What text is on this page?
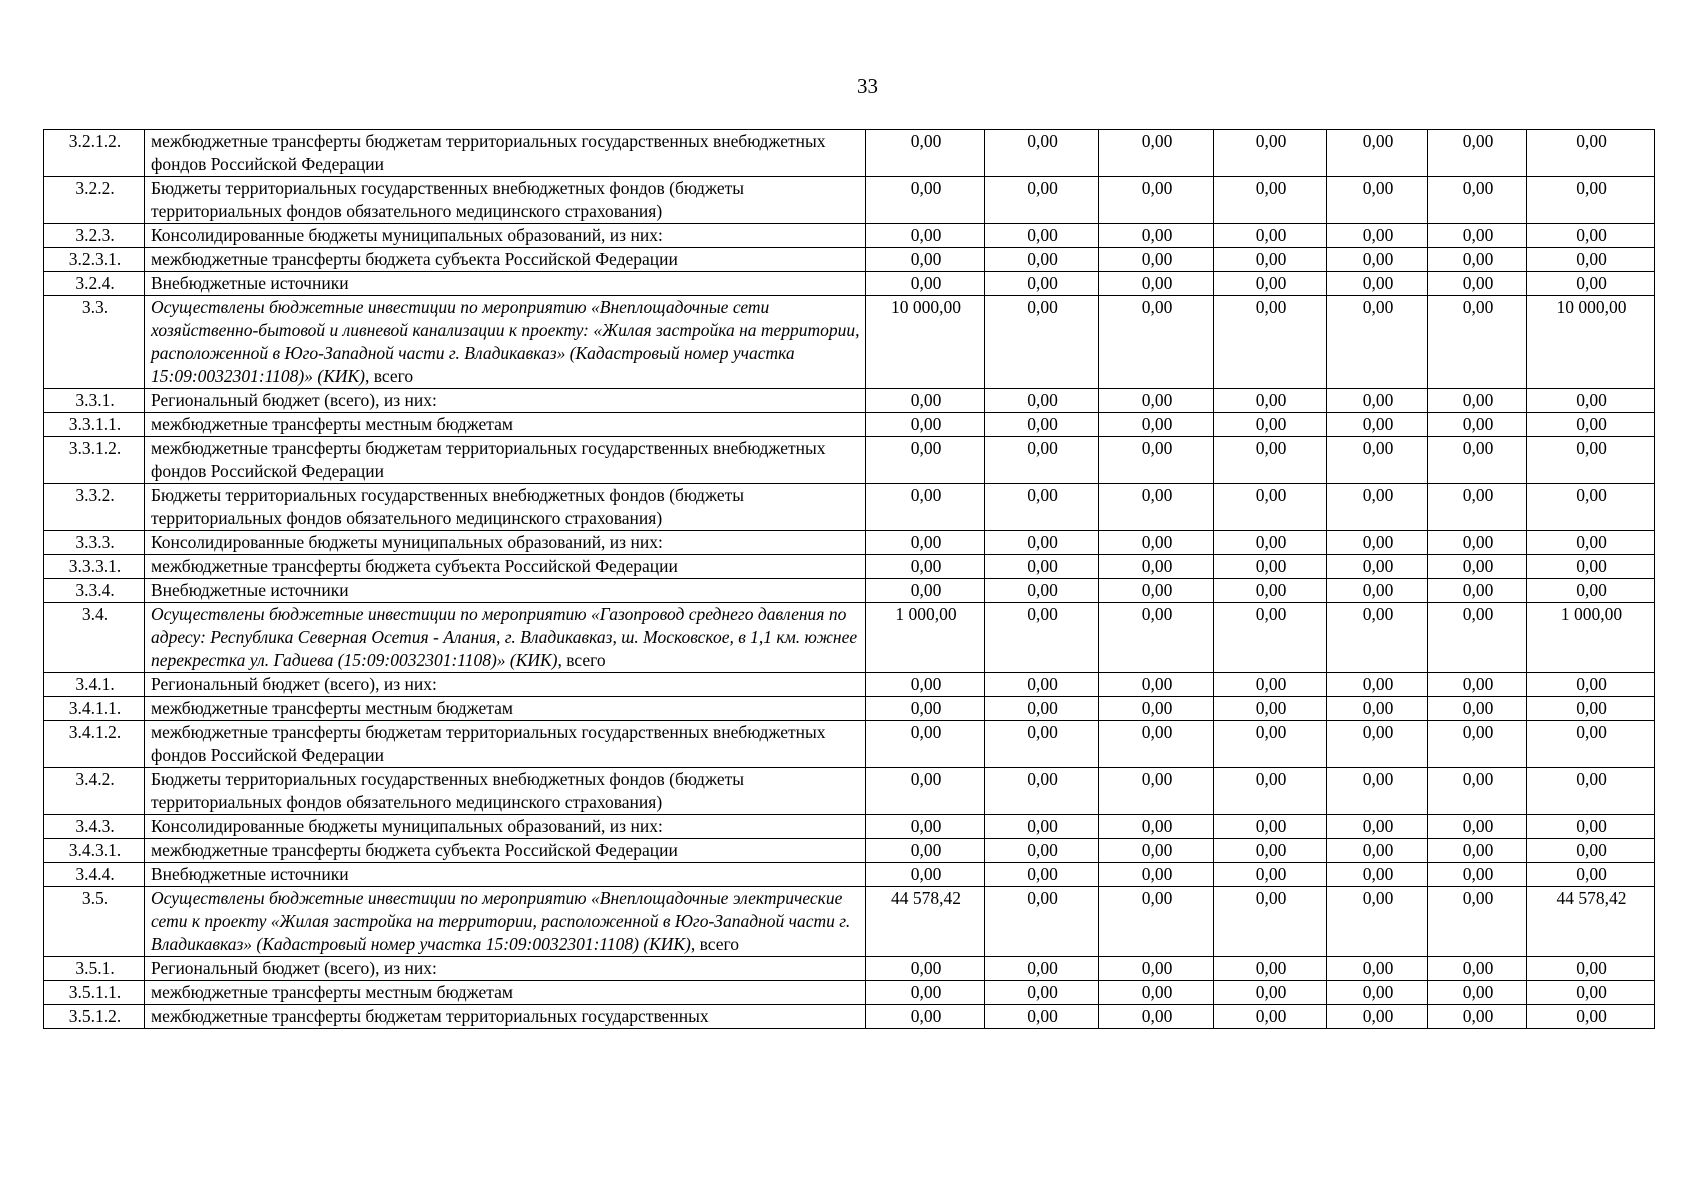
33
3.2.1.2.	межбюджетные трансферты бюджетам территориальных государственных внебюджетных фондов Российской Федерации	0,00	0,00	0,00	0,00	0,00	0,00	0,00
3.2.2.	Бюджеты территориальных государственных внебюджетных фондов (бюджеты территориальных фондов обязательного медицинского страхования)	0,00	0,00	0,00	0,00	0,00	0,00	0,00
3.2.3.	Консолидированные бюджеты муниципальных образований, из них:	0,00	0,00	0,00	0,00	0,00	0,00	0,00
3.2.3.1.	межбюджетные трансферты бюджета субъекта Российской Федерации	0,00	0,00	0,00	0,00	0,00	0,00	0,00
3.2.4.	Внебюджетные источники	0,00	0,00	0,00	0,00	0,00	0,00	0,00
3.3.	Осуществлены бюджетные инвестиции по мероприятию «Внеплощадочные сети хозяйственно-бытовой и ливневой канализации к проекту: «Жилая застройка на территории, расположенной в Юго-Западной части г. Владикавказ» (Кадастровый номер участка 15:09:0032301:1108)» (КИК), всего	10 000,00	0,00	0,00	0,00	0,00	0,00	10 000,00
3.3.1.	Региональный бюджет (всего), из них:	0,00	0,00	0,00	0,00	0,00	0,00	0,00
3.3.1.1.	межбюджетные трансферты местным бюджетам	0,00	0,00	0,00	0,00	0,00	0,00	0,00
3.3.1.2.	межбюджетные трансферты бюджетам территориальных государственных внебюджетных фондов Российской Федерации	0,00	0,00	0,00	0,00	0,00	0,00	0,00
3.3.2.	Бюджеты территориальных государственных внебюджетных фондов (бюджеты территориальных фондов обязательного медицинского страхования)	0,00	0,00	0,00	0,00	0,00	0,00	0,00
3.3.3.	Консолидированные бюджеты муниципальных образований, из них:	0,00	0,00	0,00	0,00	0,00	0,00	0,00
3.3.3.1.	межбюджетные трансферты бюджета субъекта Российской Федерации	0,00	0,00	0,00	0,00	0,00	0,00	0,00
3.3.4.	Внебюджетные источники	0,00	0,00	0,00	0,00	0,00	0,00	0,00
3.4.	Осуществлены бюджетные инвестиции по мероприятию «Газопровод среднего давления по адресу: Республика Северная Осетия - Алания, г. Владикавказ, ш. Московское, в 1,1 км. южнее перекрестка ул. Гадиева (15:09:0032301:1108)» (КИК), всего	1 000,00	0,00	0,00	0,00	0,00	0,00	1 000,00
3.4.1.	Региональный бюджет (всего), из них:	0,00	0,00	0,00	0,00	0,00	0,00	0,00
3.4.1.1.	межбюджетные трансферты местным бюджетам	0,00	0,00	0,00	0,00	0,00	0,00	0,00
3.4.1.2.	межбюджетные трансферты бюджетам территориальных государственных внебюджетных фондов Российской Федерации	0,00	0,00	0,00	0,00	0,00	0,00	0,00
3.4.2.	Бюджеты территориальных государственных внебюджетных фондов (бюджеты территориальных фондов обязательного медицинского страхования)	0,00	0,00	0,00	0,00	0,00	0,00	0,00
3.4.3.	Консолидированные бюджеты муниципальных образований, из них:	0,00	0,00	0,00	0,00	0,00	0,00	0,00
3.4.3.1.	межбюджетные трансферты бюджета субъекта Российской Федерации	0,00	0,00	0,00	0,00	0,00	0,00	0,00
3.4.4.	Внебюджетные источники	0,00	0,00	0,00	0,00	0,00	0,00	0,00
3.5.	Осуществлены бюджетные инвестиции по мероприятию «Внеплощадочные электрические сети к проекту «Жилая застройка на территории, расположенной в Юго-Западной части г. Владикавказ» (Кадастровый номер участка 15:09:0032301:1108) (КИК), всего	44 578,42	0,00	0,00	0,00	0,00	0,00	44 578,42
3.5.1.	Региональный бюджет (всего), из них:	0,00	0,00	0,00	0,00	0,00	0,00	0,00
3.5.1.1.	межбюджетные трансферты местным бюджетам	0,00	0,00	0,00	0,00	0,00	0,00	0,00
3.5.1.2.	межбюджетные трансферты бюджетам территориальных государственных	0,00	0,00	0,00	0,00	0,00	0,00	0,00
